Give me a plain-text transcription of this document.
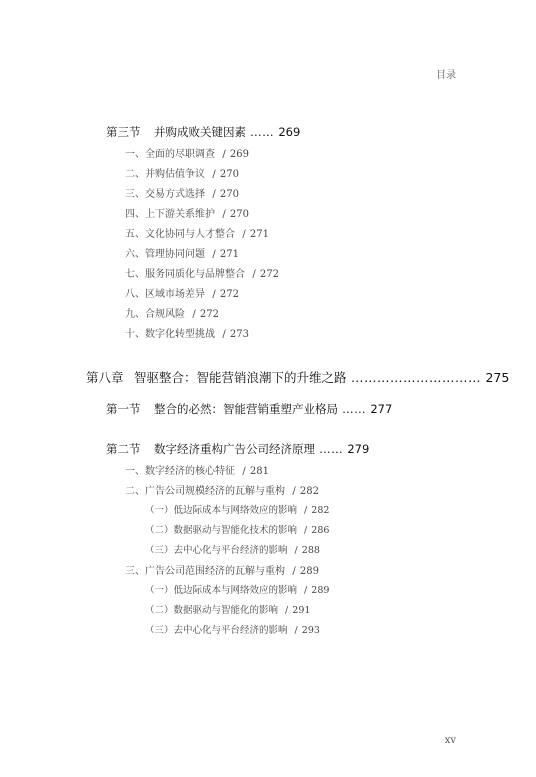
目录
第三节 并购成败关键因素 …… 269
一、全面的尽职调查  / 269
二、并购估值争议  / 270
三、交易方式选择  / 270
四、上下游关系维护  / 270
五、文化协同与人才整合  / 271
六、管理协同问题  / 271
七、服务同质化与品牌整合  / 272
八、区域市场差异  / 272
九、合规风险  / 272
十、数字化转型挑战  / 273
第八章 智驱整合：智能营销浪潮下的升维之路 ………………………… 275
第一节 整合的必然：智能营销重塑产业格局 …… 277
第二节 数字经济重构广告公司经济原理 …… 279
一、数字经济的核心特征  / 281
二、广告公司规模经济的瓦解与重构  / 282
（一）低边际成本与网络效应的影响  / 282
（二）数据驱动与智能化技术的影响  / 286
（三）去中心化与平台经济的影响  / 288
三、广告公司范围经济的瓦解与重构  / 289
（一）低边际成本与网络效应的影响  / 289
（二）数据驱动与智能化的影响  / 291
（三）去中心化与平台经济的影响  / 293
xv
